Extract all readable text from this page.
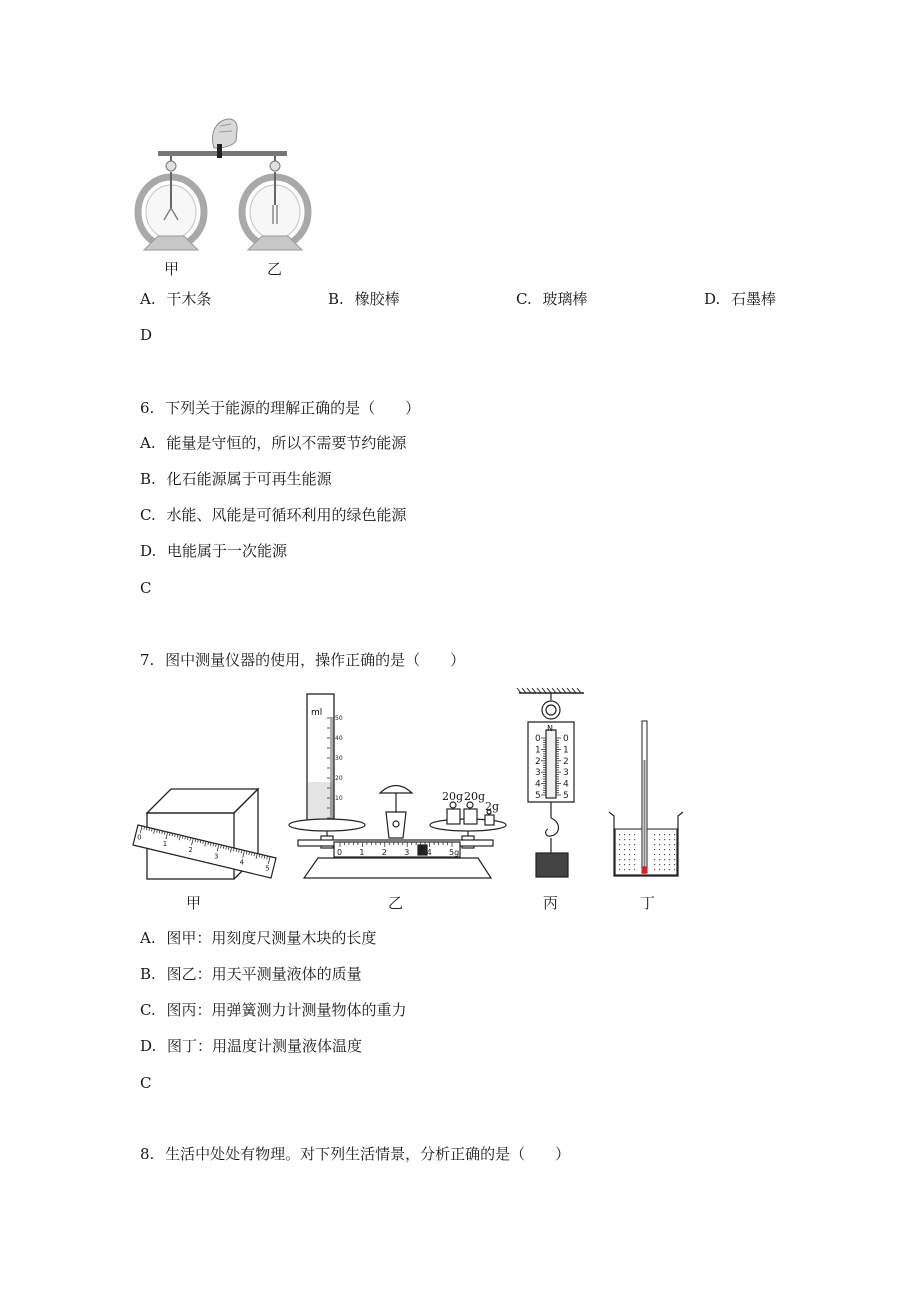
甲	乙
A. 干木条	B. 橡胶棒	C. 玻璃棒	D. 石墨棒
D
6. 下列关于能源的理解正确的是（　　）
A. 能量是守恒的，所以不需要节约能源
B. 化石能源属于可再生能源
C. 水能、风能是可循环利用的绿色能源
D. 电能属于一次能源
C
7. 图中测量仪器的使用，操作正确的是（　　）
0
1
2
3
4
5
ml
50
40
30
20
10
0 1 2 3 4 5g
20g 20g
2g
N
0 0
1 1
2 2
3 3
4 4
5 5
甲	乙	丙	丁
A. 图甲：用刻度尺测量木块的长度
B. 图乙：用天平测量液体的质量
C. 图丙：用弹簧测力计测量物体的重力
D. 图丁：用温度计测量液体温度
C
8. 生活中处处有物理。对下列生活情景，分析正确的是（　　）
